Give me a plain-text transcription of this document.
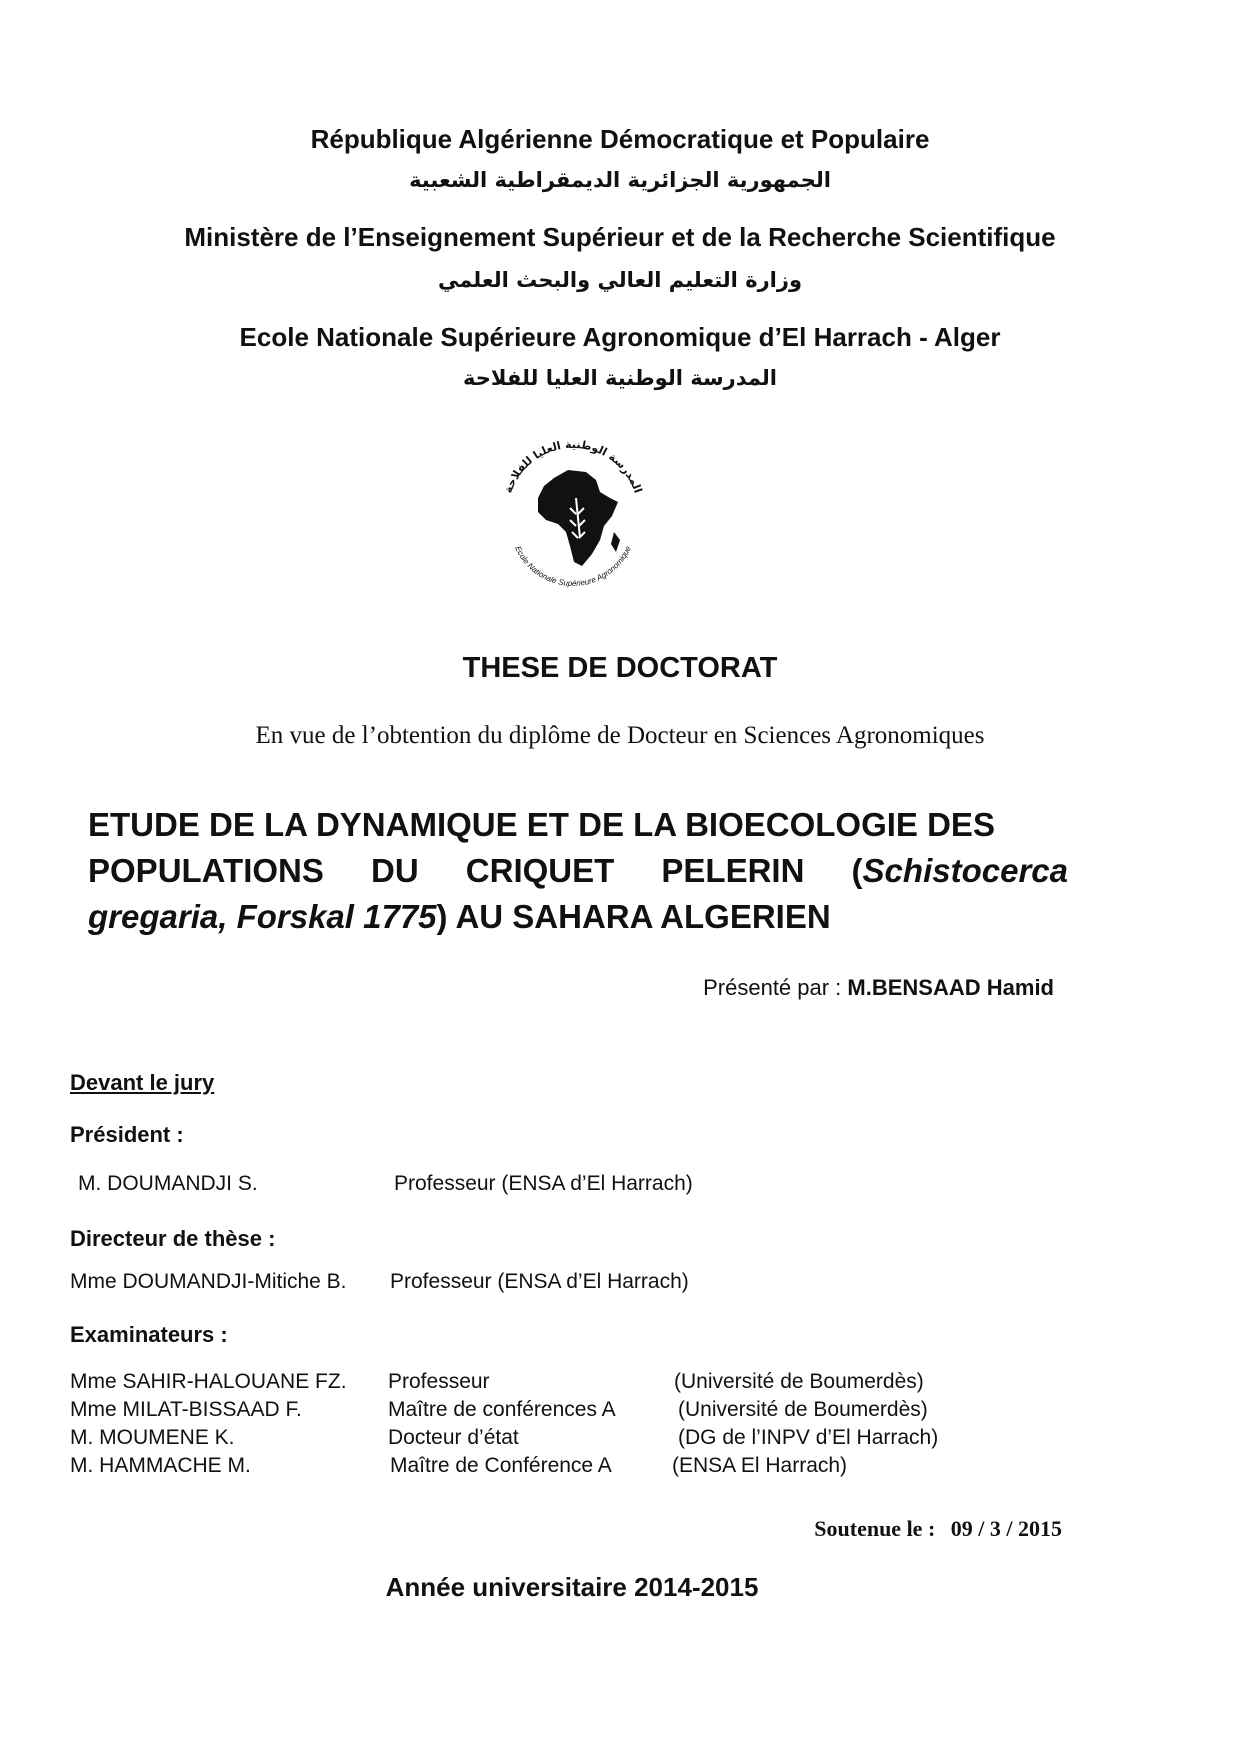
République Algérienne Démocratique et Populaire
الجمهورية الجزائرية الديمقراطية الشعبية
Ministère de l’Enseignement Supérieur et de la Recherche Scientifique
وزارة التعليم العالي والبحث العلمي
Ecole Nationale Supérieure Agronomique d’El Harrach - Alger
المدرسة الوطنية العليا للفلاحة
المدرسة الوطنية العليا للفلاحة
Ecole Nationale Supérieure Agronomique
THESE DE DOCTORAT
En vue de l’obtention du diplôme de Docteur en Sciences Agronomiques
ETUDE DE LA DYNAMIQUE ET DE LA BIOECOLOGIE DES
POPULATIONS DU CRIQUET PELERIN (Schistocerca
gregaria, Forskal 1775) AU SAHARA ALGERIEN
Présenté par : M.BENSAAD Hamid
Devant le jury
Président :
M. DOUMANDJI S.	Professeur (ENSA d’El Harrach)
Directeur de thèse :
Mme DOUMANDJI-Mitiche B. Professeur (ENSA d’El Harrach)
Examinateurs :
Mme SAHIR-HALOUANE FZ. Professeur	(Université de Boumerdès)
Mme MILAT-BISSAAD F.	Maître de conférences A	(Université de Boumerdès)
M. MOUMENE K.	Docteur d’état	(DG de l’INPV d’El Harrach)
M. HAMMACHE M.	Maître de Conférence A	(ENSA El Harrach)
Soutenue le : 09 / 3 / 2015
Année universitaire 2014-2015
